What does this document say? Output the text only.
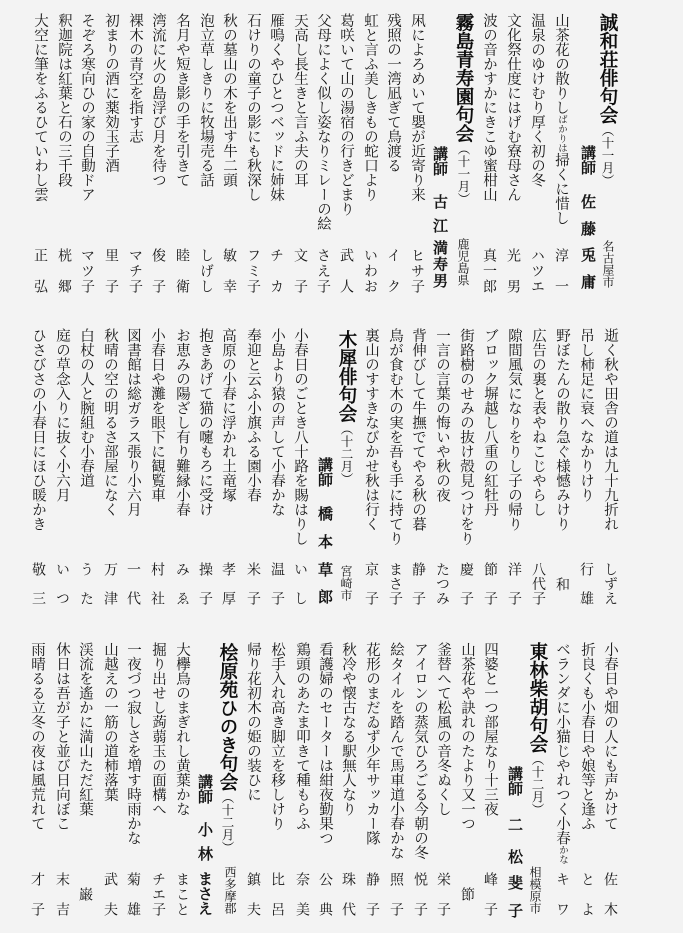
誠和荘俳句会（十一月）
名古屋市
講師
佐藤
兎庸
山茶花の散りしばかりは掃くに惜し
淳一
温泉のゆけむり厚く初の冬
ハツエ
文化祭仕度にはげむ寮母さん
光男
波の音かすかにきこゆ蜜柑山
真一郎
霧島青寿園句会（十一月）
鹿児島県
講師
古江
満寿男
凩によろめいて嬰が近寄り来
ヒサ子
残照の一湾凪ぎて鳥渡る
イク
虹と言ふ美しきもの蛇口より
いわお
葛咲いて山の湯宿の行きどまり
武人
父母によく似し姿なりミレーの絵
さえ子
天高し長生きと言ふ夫の耳
文子
雁鳴くやひとつベッドに姉妹
チカ
石けりの童子の影にも秋深し
フミ子
秋の墓山の木を出す牛二頭
敏幸
泡立草しきりに牧場売る話
しげし
名月や短き影の手を引きて
睦衛
湾流に火の島浮び月を待つ
俊子
裸木の青空を指す志
マチ子
初まりの酒に薬効玉子酒
里子
そぞろ寒向ひの家の自動ドア
マツ子
釈迦院は紅葉と石の三千段
桄郷
大空に筆をふるひていわし雲
正弘
逝く秋や田舎の道は九十九折れ
しずえ
吊し柿足に衰へなかりけり
行雄
野ぼたんの散り急ぐ様憾みけり
和
広告の裏と表やねこじやらし
八代子
隙間風気になりをりし子の帰り
洋子
ブロック塀越し八重の紅牡丹
節子
街路樹のせみの抜け殻見つけをり
慶子
一言の言葉の悔いや秋の夜
たつみ
背伸びして牛撫でてやる秋の暮
静子
鳥が食む木の実を吾も手に持てり
まさ子
裏山のすすきなびかせ秋は行く
京子
木犀俳句会（十二月）
宮崎市
講師
橋本
草郎
小春日のごとき八十路を賜はりし
いし
小島より猿の声して小春かな
温子
奉迎と云ふ小旗ふる園小春
米子
高原の小春に浮かれ土竜塚
孝厚
抱きあげて猫の嚔もろに受け
操子
お恵みの陽ざし有り難縁小春
みゑ
小春日や灘を眼下に観覧車
村社
図書館は総ガラス張り小六月
一代
秋晴の空の明るさ部屋になく
万津
白杖の人と腕組む小春道
うた
庭の草念入りに抜く小六月
いつ
ひさびさの小春日にほひ暖かき
敬三
小春日や畑の人にも声かけて
佐木
折良くも小春日や娘等と逢ふ
とよ
ベランダに小猫じやれつく小春かな
キワ
東林柴胡句会（十二月）
相模原市
講師
二松
斐子
四婆と一つ部屋なり十三夜
峰子
山茶花や訣れのたより又一つ
節
釜替へて松風の音冬ぬくし
栄子
アイロンの蒸気ひろごる今朝の冬
悦子
絵タイルを踏んで馬車道小春かな
照子
花形のまだゐず少年サッカー隊
静子
秋冷や懐古なる駅無人なり
珠代
看護婦のセーターは紺夜勤果つ
公典
鶏頭のあたま叩きて種もらふ
奈美
松手入れ高き脚立を移しけり
比呂
帰り花初木の姫の装ひに
鎮夫
桧原苑ひのき句会（十二月）
西多摩郡
講師
小林
まさえ
大欅鳥のまぎれし黄葉かな
まこと
掘り出せし蒟蒻玉の面構へ
チエ子
一夜づつ寂しさを増す時雨かな
菊雄
山越えの一筋の道柿落葉
武夫
渓流を遙かに満山ただ紅葉
巌
休日は吾が子と並び日向ぼこ
末吉
雨晴るる立冬の夜は風荒れて
才子
